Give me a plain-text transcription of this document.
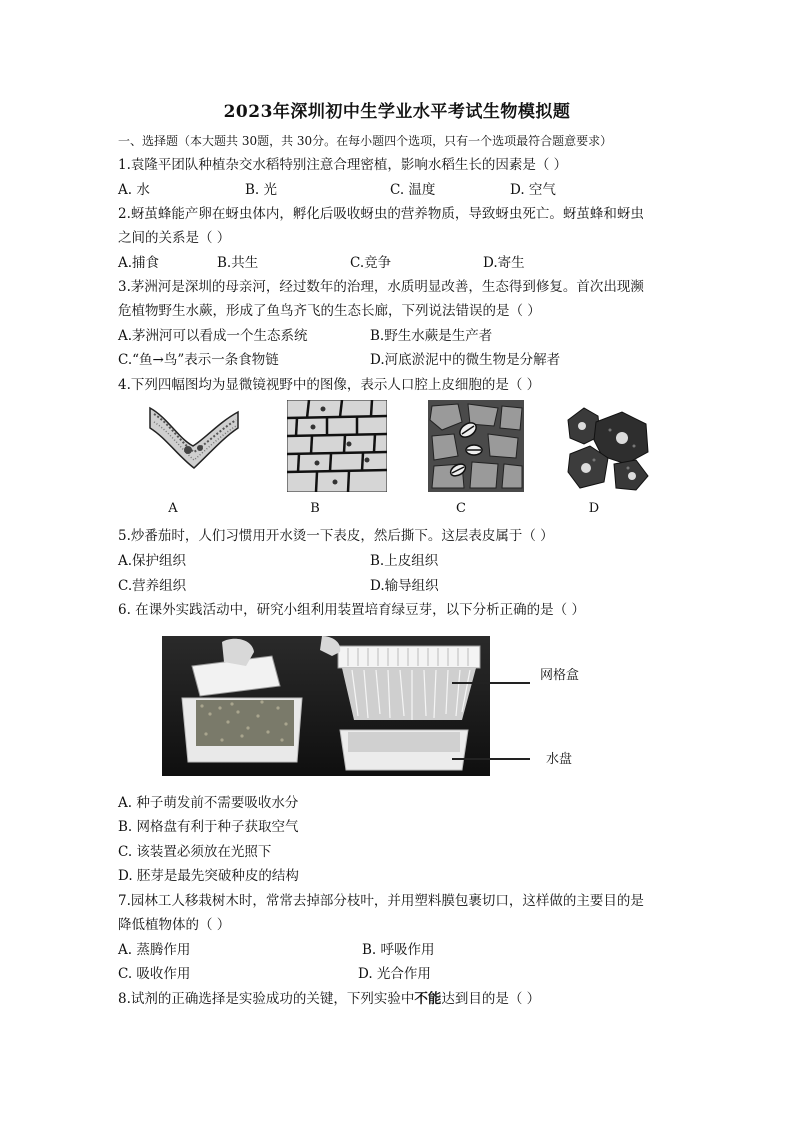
2023年深圳初中生学业水平考试生物模拟题
一、选择题（本大题共 30题，共 30分。在每小题四个选项，只有一个选项最符合题意要求）
1.袁隆平团队种植杂交水稻特别注意合理密植，影响水稻生长的因素是（ ）
A. 水	B. 光	C. 温度	D. 空气
2.蚜茧蜂能产卵在蚜虫体内，孵化后吸收蚜虫的营养物质，导致蚜虫死亡。蚜茧蜂和蚜虫
之间的关系是（ ）
A.捕食	B.共生	C.竞争	D.寄生
3.茅洲河是深圳的母亲河，经过数年的治理，水质明显改善，生态得到修复。首次出现濒
危植物野生水蕨，形成了鱼鸟齐飞的生态长廊，下列说法错误的是（ ）
A.茅洲河可以看成一个生态系统	B.野生水蕨是生产者
C.“鱼→鸟”表示一条食物链	D.河底淤泥中的微生物是分解者
4.下列四幅图均为显微镜视野中的图像，表示人口腔上皮细胞的是（ ）
A	B	C	D
5.炒番茄时，人们习惯用开水烫一下表皮，然后撕下。这层表皮属于（ ）
A.保护组织	B.上皮组织
C.营养组织	D.输导组织
6. 在课外实践活动中，研究小组利用装置培育绿豆芽，以下分析正确的是（ ）
网格盒
水盘
A. 种子萌发前不需要吸收水分
B. 网格盘有利于种子获取空气
C. 该装置必须放在光照下
D. 胚芽是最先突破种皮的结构
7.园林工人移栽树木时，常常去掉部分枝叶，并用塑料膜包裹切口，这样做的主要目的是
降低植物体的（ ）
A. 蒸腾作用	B. 呼吸作用
C. 吸收作用	D. 光合作用
8.试剂的正确选择是实验成功的关键，下列实验中不能达到目的是（ ）
